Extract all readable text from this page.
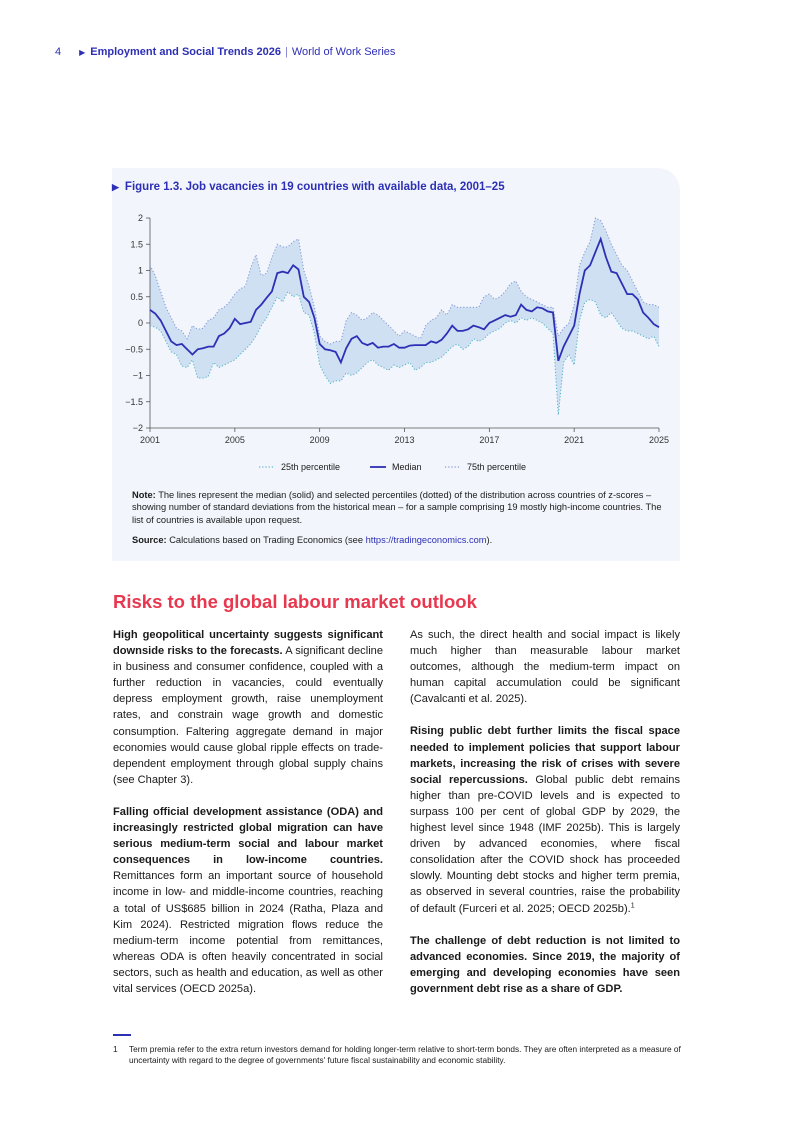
4 ▶ Employment and Social Trends 2026 | World of Work Series
▶ Figure 1.3. Job vacancies in 19 countries with available data, 2001–25
2
1.5
1
0.5
0
−0.5
−1
−1.5
−2
2001	2005	2009	2013	2017	2021	2025
25th percentile	Median	75th percentile
Note: The lines represent the median (solid) and selected percentiles (dotted) of the distribution across countries of z-scores – showing number of standard deviations from the historical mean – for a sample comprising 19 mostly high-income countries. The list of countries is available upon request.
Source: Calculations based on Trading Economics (see https://tradingeconomics.com).
Risks to the global labour market outlook

High geopolitical uncertainty suggests significant downside risks to the forecasts. A significant decline in business and consumer confidence, coupled with a further reduction in vacancies, could eventually depress employment growth, raise unemployment rates, and constrain wage growth and domestic consumption. Faltering aggregate demand in major economies would cause global ripple effects on trade-dependent employment through global supply chains (see Chapter 3).

Falling official development assistance (ODA) and increasingly restricted global migration can have serious medium-term social and labour market consequences in low-income countries. Remittances form an important source of household income in low- and middle-income countries, reaching a total of US$685 billion in 2024 (Ratha, Plaza and Kim 2024). Restricted migration flows reduce the medium-term income potential from remittances, whereas ODA is often heavily concentrated in social sectors, such as health and education, as well as other vital services (OECD 2025a).

As such, the direct health and social impact is likely much higher than measurable labour market outcomes, although the medium-term impact on human capital accumulation could be significant (Cavalcanti et al. 2025).

Rising public debt further limits the fiscal space needed to implement policies that support labour markets, increasing the risk of crises with severe social repercussions. Global public debt remains higher than pre-COVID levels and is expected to surpass 100 per cent of global GDP by 2029, the highest level since 1948 (IMF 2025b). This is largely driven by advanced economies, where fiscal consolidation after the COVID shock has proceeded slowly. Mounting debt stocks and higher term premia, as observed in several countries, raise the probability of default (Furceri et al. 2025; OECD 2025b).$^1$

The challenge of debt reduction is not limited to advanced economies. Since 2019, the majority of emerging and developing economies have seen government debt rise as a share of GDP.

1	Term premia refer to the extra return investors demand for holding longer-term relative to short-term bonds. They are often interpreted as a measure of uncertainty with regard to the degree of governments' future fiscal sustainability and economic stability.
